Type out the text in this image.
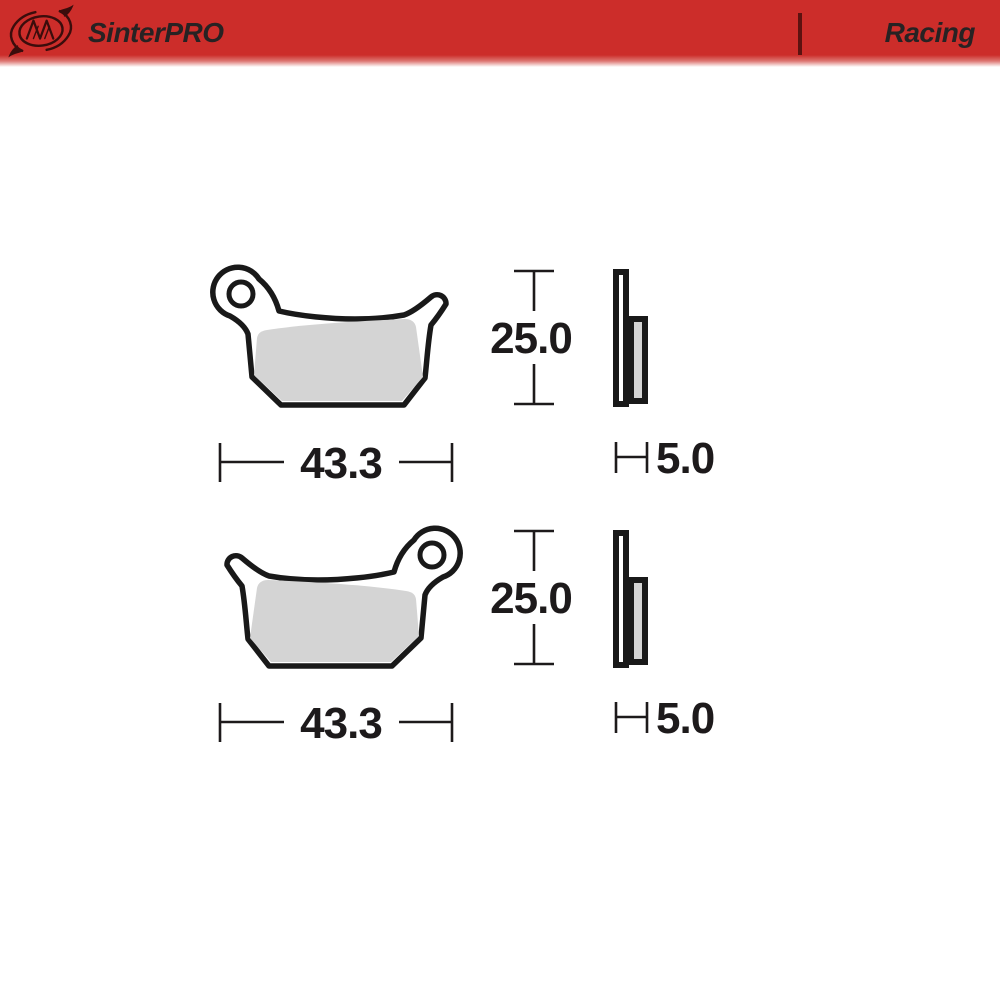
SinterPRO	Racing
25.0
43.3	5.0
25.0
43.3	5.0
